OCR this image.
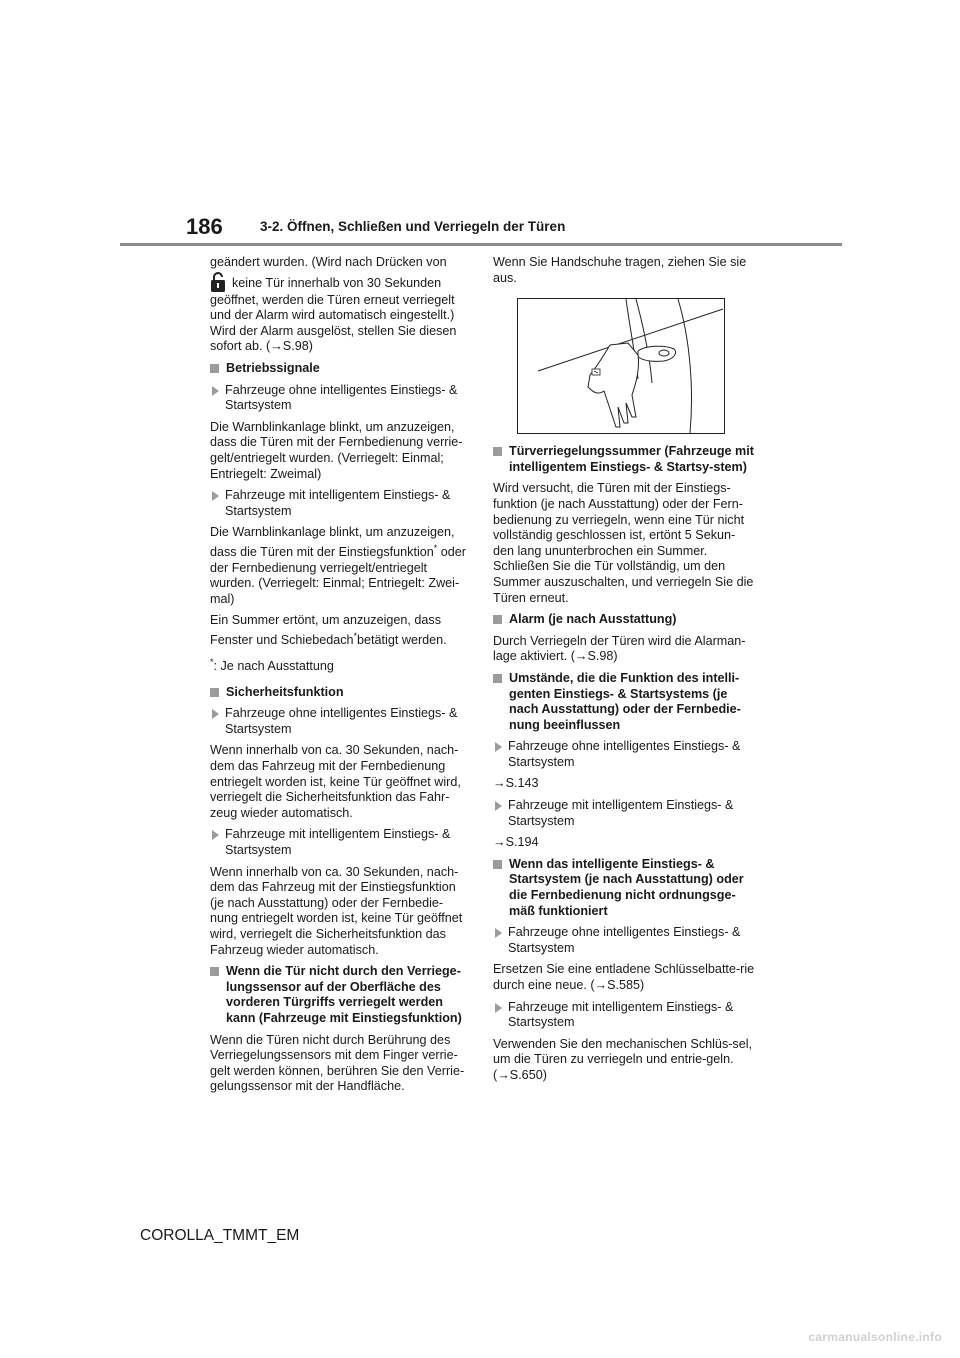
186	3-2. Öffnen, Schließen und Verriegeln der Türen

geändert wurden. (Wird nach Drücken von
keine Tür innerhalb von 30 Sekunden geöffnet, werden die Türen erneut verriegelt und der Alarm wird automatisch eingestellt.) Wird der Alarm ausgelöst, stellen Sie diesen sofort ab. (→S.98)

Betriebssignale

Fahrzeuge ohne intelligentes Einstiegs- & Startsystem

Die Warnblinkanlage blinkt, um anzuzeigen, dass die Türen mit der Fernbedienung verrie-gelt/entriegelt wurden. (Verriegelt: Einmal; Entriegelt: Zweimal)

Fahrzeuge mit intelligentem Einstiegs- & Startsystem

Die Warnblinkanlage blinkt, um anzuzeigen, dass die Türen mit der Einstiegsfunktion* oder der Fernbedienung verriegelt/entriegelt wurden. (Verriegelt: Einmal; Entriegelt: Zwei-mal)

Ein Summer ertönt, um anzuzeigen, dass Fenster und Schiebedach*betätigt werden.

*: Je nach Ausstattung

Sicherheitsfunktion

Fahrzeuge ohne intelligentes Einstiegs- & Startsystem

Wenn innerhalb von ca. 30 Sekunden, nach-dem das Fahrzeug mit der Fernbedienung entriegelt worden ist, keine Tür geöffnet wird, verriegelt die Sicherheitsfunktion das Fahr-zeug wieder automatisch.

Fahrzeuge mit intelligentem Einstiegs- & Startsystem

Wenn innerhalb von ca. 30 Sekunden, nach-dem das Fahrzeug mit der Einstiegsfunktion (je nach Ausstattung) oder der Fernbedie-nung entriegelt worden ist, keine Tür geöffnet wird, verriegelt die Sicherheitsfunktion das Fahrzeug wieder automatisch.

Wenn die Tür nicht durch den Verriege-lungssensor auf der Oberfläche des vorderen Türgriffs verriegelt werden kann (Fahrzeuge mit Einstiegsfunktion)

Wenn die Türen nicht durch Berührung des Verriegelungssensors mit dem Finger verrie-gelt werden können, berühren Sie den Verrie-gelungssensor mit der Handfläche.

Wenn Sie Handschuhe tragen, ziehen Sie sie aus.

Türverriegelungssummer (Fahrzeuge mit intelligentem Einstiegs- & Startsy-stem)

Wird versucht, die Türen mit der Einstiegs-funktion (je nach Ausstattung) oder der Fern-bedienung zu verriegeln, wenn eine Tür nicht vollständig geschlossen ist, ertönt 5 Sekun-den lang ununterbrochen ein Summer. Schließen Sie die Tür vollständig, um den Summer auszuschalten, und verriegeln Sie die Türen erneut.

Alarm (je nach Ausstattung)

Durch Verriegeln der Türen wird die Alarman-lage aktiviert. (→S.98)

Umstände, die die Funktion des intelli-genten Einstiegs- & Startsystems (je nach Ausstattung) oder der Fernbedie-nung beeinflussen

Fahrzeuge ohne intelligentes Einstiegs- & Startsystem

→S.143

Fahrzeuge mit intelligentem Einstiegs- & Startsystem

→S.194

Wenn das intelligente Einstiegs- & Startsystem (je nach Ausstattung) oder die Fernbedienung nicht ordnungsge-mäß funktioniert

Fahrzeuge ohne intelligentes Einstiegs- & Startsystem

Ersetzen Sie eine entladene Schlüsselbatte-rie durch eine neue. (→S.585)

Fahrzeuge mit intelligentem Einstiegs- & Startsystem

Verwenden Sie den mechanischen Schlüs-sel, um die Türen zu verriegeln und entrie-geln. (→S.650)

COROLLA_TMMT_EM
carmanualsonline.info
